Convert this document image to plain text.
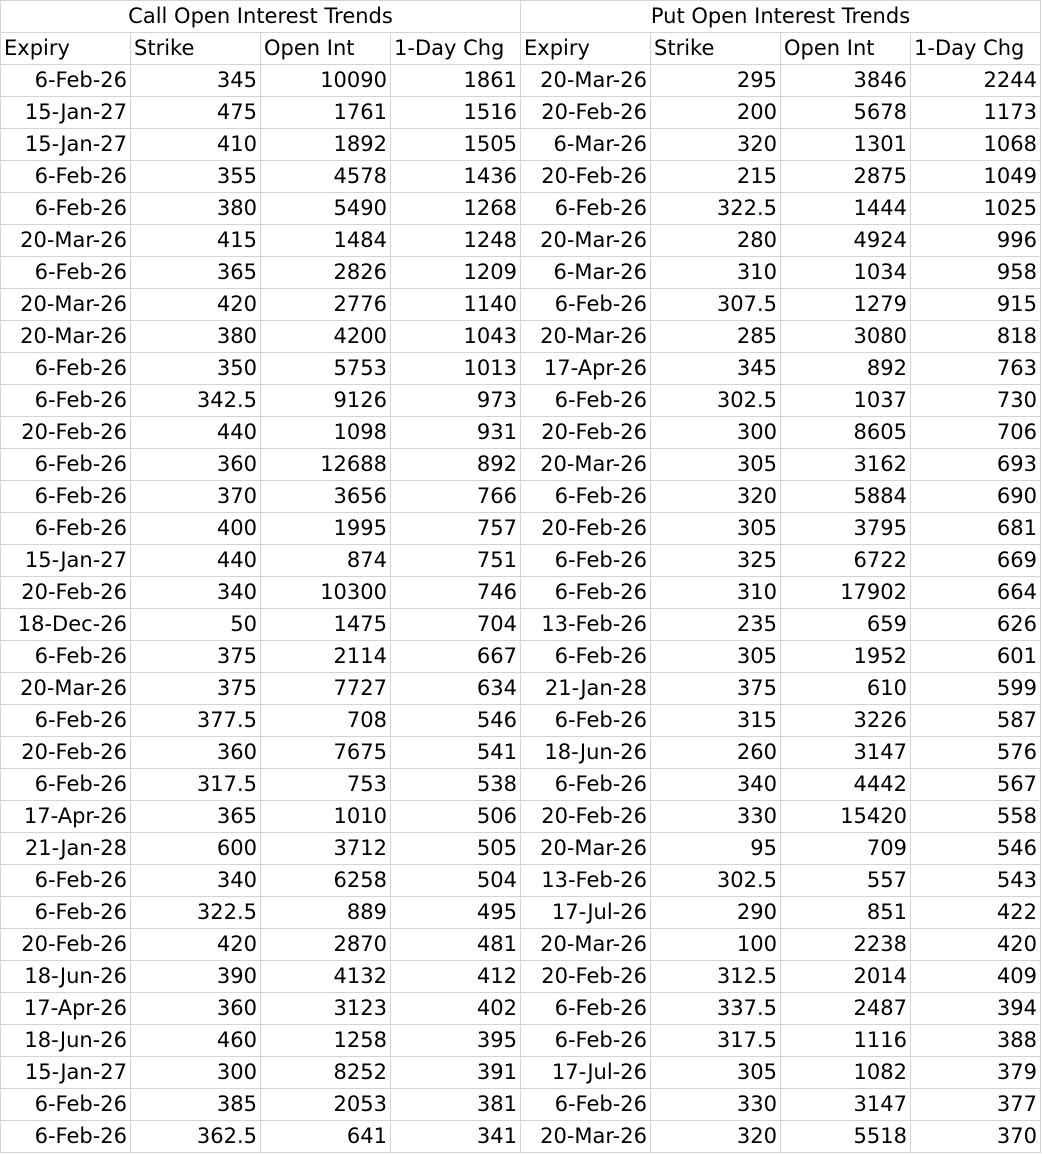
Call Open Interest Trends				Put Open Interest Trends			
Expiry	Strike	Open Int	1-Day Chg	Expiry	Strike	Open Int	1-Day Chg
6-Feb-26	345	10090	1861	20-Mar-26	295	3846	2244
15-Jan-27	475	1761	1516	20-Feb-26	200	5678	1173
15-Jan-27	410	1892	1505	6-Mar-26	320	1301	1068
6-Feb-26	355	4578	1436	20-Feb-26	215	2875	1049
6-Feb-26	380	5490	1268	6-Feb-26	322.5	1444	1025
20-Mar-26	415	1484	1248	20-Mar-26	280	4924	996
6-Feb-26	365	2826	1209	6-Mar-26	310	1034	958
20-Mar-26	420	2776	1140	6-Feb-26	307.5	1279	915
20-Mar-26	380	4200	1043	20-Mar-26	285	3080	818
6-Feb-26	350	5753	1013	17-Apr-26	345	892	763
6-Feb-26	342.5	9126	973	6-Feb-26	302.5	1037	730
20-Feb-26	440	1098	931	20-Feb-26	300	8605	706
6-Feb-26	360	12688	892	20-Mar-26	305	3162	693
6-Feb-26	370	3656	766	6-Feb-26	320	5884	690
6-Feb-26	400	1995	757	20-Feb-26	305	3795	681
15-Jan-27	440	874	751	6-Feb-26	325	6722	669
20-Feb-26	340	10300	746	6-Feb-26	310	17902	664
18-Dec-26	50	1475	704	13-Feb-26	235	659	626
6-Feb-26	375	2114	667	6-Feb-26	305	1952	601
20-Mar-26	375	7727	634	21-Jan-28	375	610	599
6-Feb-26	377.5	708	546	6-Feb-26	315	3226	587
20-Feb-26	360	7675	541	18-Jun-26	260	3147	576
6-Feb-26	317.5	753	538	6-Feb-26	340	4442	567
17-Apr-26	365	1010	506	20-Feb-26	330	15420	558
21-Jan-28	600	3712	505	20-Mar-26	95	709	546
6-Feb-26	340	6258	504	13-Feb-26	302.5	557	543
6-Feb-26	322.5	889	495	17-Jul-26	290	851	422
20-Feb-26	420	2870	481	20-Mar-26	100	2238	420
18-Jun-26	390	4132	412	20-Feb-26	312.5	2014	409
17-Apr-26	360	3123	402	6-Feb-26	337.5	2487	394
18-Jun-26	460	1258	395	6-Feb-26	317.5	1116	388
15-Jan-27	300	8252	391	17-Jul-26	305	1082	379
6-Feb-26	385	2053	381	6-Feb-26	330	3147	377
6-Feb-26	362.5	641	341	20-Mar-26	320	5518	370
